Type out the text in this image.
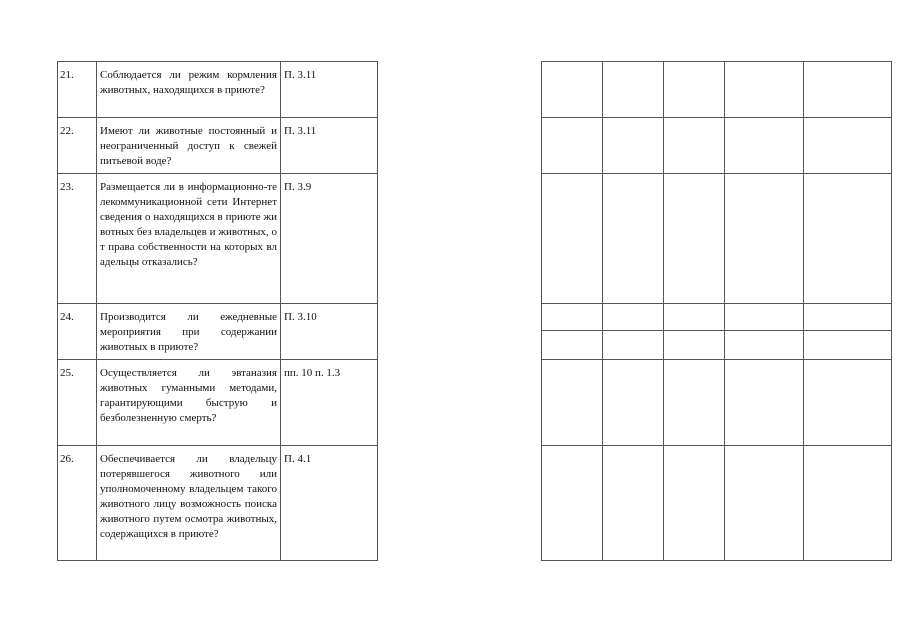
21. Соблюдается ли режим кормления животных, находящихся в приюте?
П. 3.11
22. Имеют ли животные постоянный и неограниченный доступ к свежей питьевой воде?
П. 3.11
23. Размещается ли в информационно-телекоммуникационной сети Интернет сведения о находящихся в приюте животных без владельцев и животных, от права собственности на которых владельцы отказались?
П. 3.9
24. Производится ли ежедневные мероприятия при содержании животных в приюте?
П. 3.10
25. Осуществляется ли эвтаназия животных гуманными методами, гарантирующими быструю и безболезненную смерть?
пп. 10 п. 1.3
26. Обеспечивается ли владельцу потерявшегося животного или уполномоченному владельцем такого животного лицу возможность поиска животного путем осмотра животных, содержащихся в приюте?
П. 4.1
